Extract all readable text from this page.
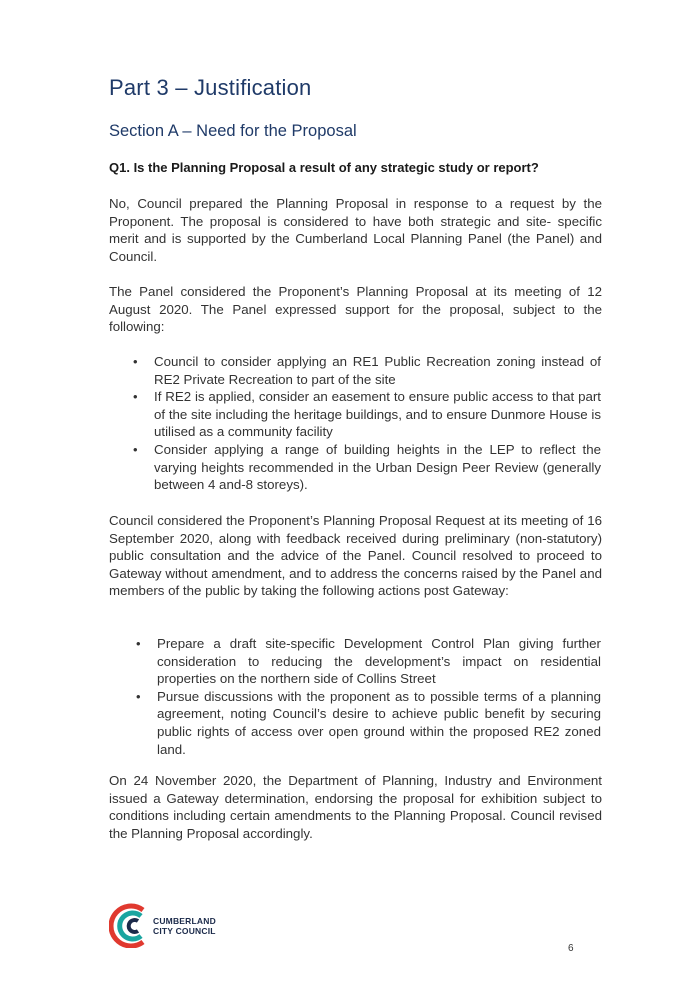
Part 3 – Justification
Section A – Need for the Proposal
Q1. Is the Planning Proposal a result of any strategic study or report?

No, Council prepared the Planning Proposal in response to a request by the Proponent. The proposal is considered to have both strategic and site- specific merit and is supported by the Cumberland Local Planning Panel (the Panel) and Council.

The Panel considered the Proponent’s Planning Proposal at its meeting of 12 August 2020. The Panel expressed support for the proposal, subject to the following:

• Council to consider applying an RE1 Public Recreation zoning instead of RE2 Private Recreation to part of the site
• If RE2 is applied, consider an easement to ensure public access to that part of the site including the heritage buildings, and to ensure Dunmore House is utilised as a community facility
• Consider applying a range of building heights in the LEP to reflect the varying heights recommended in the Urban Design Peer Review (generally between 4 and-8 storeys).

Council considered the Proponent’s Planning Proposal Request at its meeting of 16 September 2020, along with feedback received during preliminary (non-statutory) public consultation and the advice of the Panel. Council resolved to proceed to Gateway without amendment, and to address the concerns raised by the Panel and members of the public by taking the following actions post Gateway:

• Prepare a draft site-specific Development Control Plan giving further consideration to reducing the development’s impact on residential properties on the northern side of Collins Street
• Pursue discussions with the proponent as to possible terms of a planning agreement, noting Council’s desire to achieve public benefit by securing public rights of access over open ground within the proposed RE2 zoned land.

On 24 November 2020, the Department of Planning, Industry and Environment issued a Gateway determination, endorsing the proposal for exhibition subject to conditions including certain amendments to the Planning Proposal. Council revised the Planning Proposal accordingly.

CUMBERLAND
CITY COUNCIL
6
